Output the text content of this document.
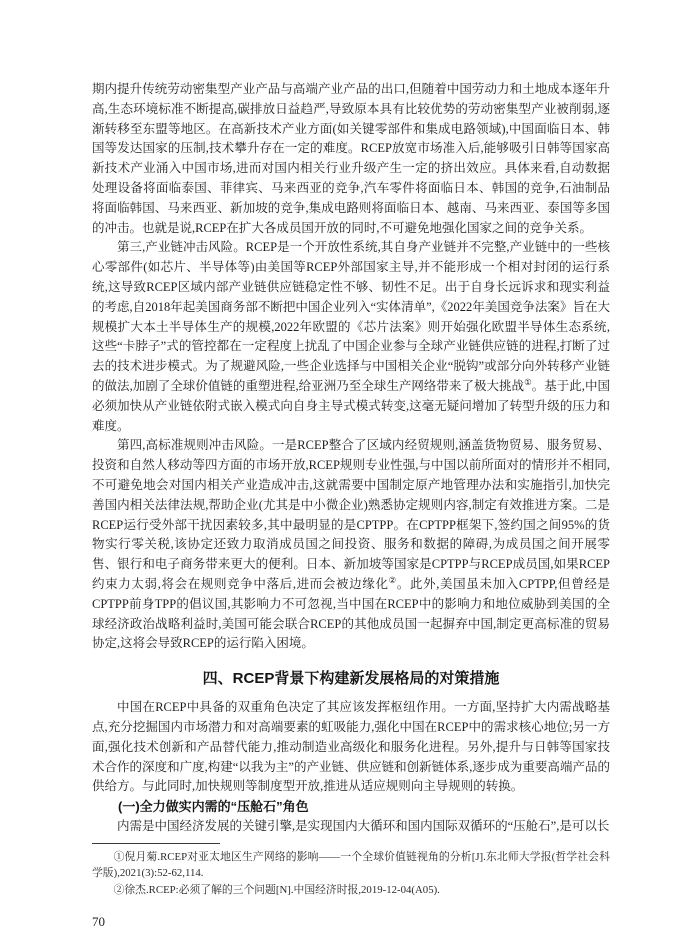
期内提升传统劳动密集型产业产品与高端产业产品的出口,但随着中国劳动力和土地成本逐年升高,生态环境标准不断提高,碳排放日益趋严,导致原本具有比较优势的劳动密集型产业被削弱,逐渐转移至东盟等地区。在高新技术产业方面(如关键零部件和集成电路领域),中国面临日本、韩国等发达国家的压制,技术攀升存在一定的难度。RCEP放宽市场准入后,能够吸引日韩等国家高新技术产业涌入中国市场,进而对国内相关行业升级产生一定的挤出效应。具体来看,自动数据处理设备将面临泰国、菲律宾、马来西亚的竞争,汽车零件将面临日本、韩国的竞争,石油制品将面临韩国、马来西亚、新加坡的竞争,集成电路则将面临日本、越南、马来西亚、泰国等多国的冲击。也就是说,RCEP在扩大各成员国开放的同时,不可避免地强化国家之间的竞争关系。

第三,产业链冲击风险。RCEP是一个开放性系统,其自身产业链并不完整,产业链中的一些核心零部件(如芯片、半导体等)由美国等RCEP外部国家主导,并不能形成一个相对封闭的运行系统,这导致RCEP区域内部产业链供应链稳定性不够、韧性不足。出于自身长远诉求和现实利益的考虑,自2018年起美国商务部不断把中国企业列入“实体清单”,《2022年美国竞争法案》旨在大规模扩大本土半导体生产的规模,2022年欧盟的《芯片法案》则开始强化欧盟半导体生态系统,这些“卡脖子”式的管控都在一定程度上扰乱了中国企业参与全球产业链供应链的进程,打断了过去的技术进步模式。为了规避风险,一些企业选择与中国相关企业“脱钩”或部分向外转移产业链的做法,加剧了全球价值链的重塑进程,给亚洲乃至全球生产网络带来了极大挑战①。基于此,中国必须加快从产业链依附式嵌入模式向自身主导式模式转变,这毫无疑问增加了转型升级的压力和难度。

第四,高标准规则冲击风险。一是RCEP整合了区域内经贸规则,涵盖货物贸易、服务贸易、投资和自然人移动等四方面的市场开放,RCEP规则专业性强,与中国以前所面对的情形并不相同,不可避免地会对国内相关产业造成冲击,这就需要中国制定原产地管理办法和实施指引,加快完善国内相关法律法规,帮助企业(尤其是中小微企业)熟悉协定规则内容,制定有效推进方案。二是RCEP运行受外部干扰因素较多,其中最明显的是CPTPP。在CPTPP框架下,签约国之间95%的货物实行零关税,该协定还致力取消成员国之间投资、服务和数据的障碍,为成员国之间开展零售、银行和电子商务带来更大的便利。日本、新加坡等国家是CPTPP与RCEP成员国,如果RCEP约束力太弱,将会在规则竞争中落后,进而会被边缘化②。此外,美国虽未加入CPTPP,但曾经是CPTPP前身TPP的倡议国,其影响力不可忽视,当中国在RCEP中的影响力和地位威胁到美国的全球经济政治战略利益时,美国可能会联合RCEP的其他成员国一起摒弃中国,制定更高标准的贸易协定,这将会导致RCEP的运行陷入困境。

四、RCEP背景下构建新发展格局的对策措施

中国在RCEP中具备的双重角色决定了其应该发挥枢纽作用。一方面,坚持扩大内需战略基点,充分挖掘国内市场潜力和对高端要素的虹吸能力,强化中国在RCEP中的需求核心地位;另一方面,强化技术创新和产品替代能力,推动制造业高级化和服务化进程。另外,提升与日韩等国家技术合作的深度和广度,构建“以我为主”的产业链、供应链和创新链体系,逐步成为重要高端产品的供给方。与此同时,加快规则等制度型开放,推进从适应规则向主导规则的转换。

(一)全力做实内需的“压舱石”角色

内需是中国经济发展的关键引擎,是实现国内大循环和国内国际双循环的“压舱石”,是可以长

①倪月菊.RCEP对亚太地区生产网络的影响——一个全球价值链视角的分析[J].东北师大学报(哲学社会科学版),2021(3):52-62,114.

②徐杰.RCEP:必须了解的三个问题[N].中国经济时报,2019-12-04(A05).

70
